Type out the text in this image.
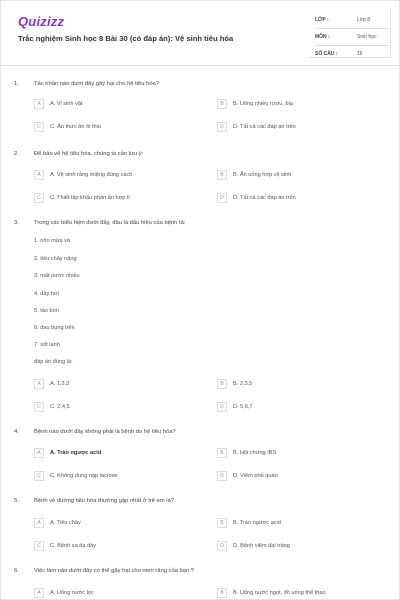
Quizizz
Trắc nghiệm Sinh học 8 Bài 30 (có đáp án): Vệ sinh tiêu hóa
LỚP :	Lớp 8
MÔN :	Sinh học
SỐ CÂU :	16
1.	Tác nhân nào dưới đây gây hại cho hệ tiêu hóa?
A	A. Vi sinh vật	B	B. Uống nhiều rượu, bia
C	C. Ăn thức ăn ôi thiu	D	D. Tất cả các đáp án trên
2.	Để bảo vệ hệ tiêu hóa, chúng ta cần lưu ý:
A	A. Vệ sinh răng miệng đúng cách	B	B. Ăn uống hợp vệ sinh
C	C. Thiết lập khẩu phần ăn hợp lí	D	D. Tất cả các đáp án trên
3.	Trong các biểu hiện dưới đây, đâu là dấu hiệu của bệnh tả:
1. nôn mửa và
2. tiêu chảy nặng
3. mất nước nhiều
4. đầy hơi
5. táo bón
6. đau bụng trên
7. sốt lạnh
đáp án đúng là:
A	A. 1,2,3	B	B. 2,3,5
C	C. 2,4,5	D	D. 5,6,7
4.	Bệnh nào dưới đây không phải là bệnh do hệ tiêu hóa?
A	A. Trào ngược acid	B	B. Hội chứng IBS
C	C. Không dung nạp lactose	D	D. Viêm phế quản
5.	Bệnh về đường tiêu hóa thường gặp nhất ở trẻ em là?
A	A. Tiêu chảy	B	B. Trào ngược acid
C	C. Bệnh sa dạ dày	D	D. Bệnh viêm đại tràng
6.	Việc làm nào dưới đây có thể gây hại cho men răng của bạn ?
A	A. Uống nước lọc	B	B. Uống nước ngọt, đồ uống thể thao
